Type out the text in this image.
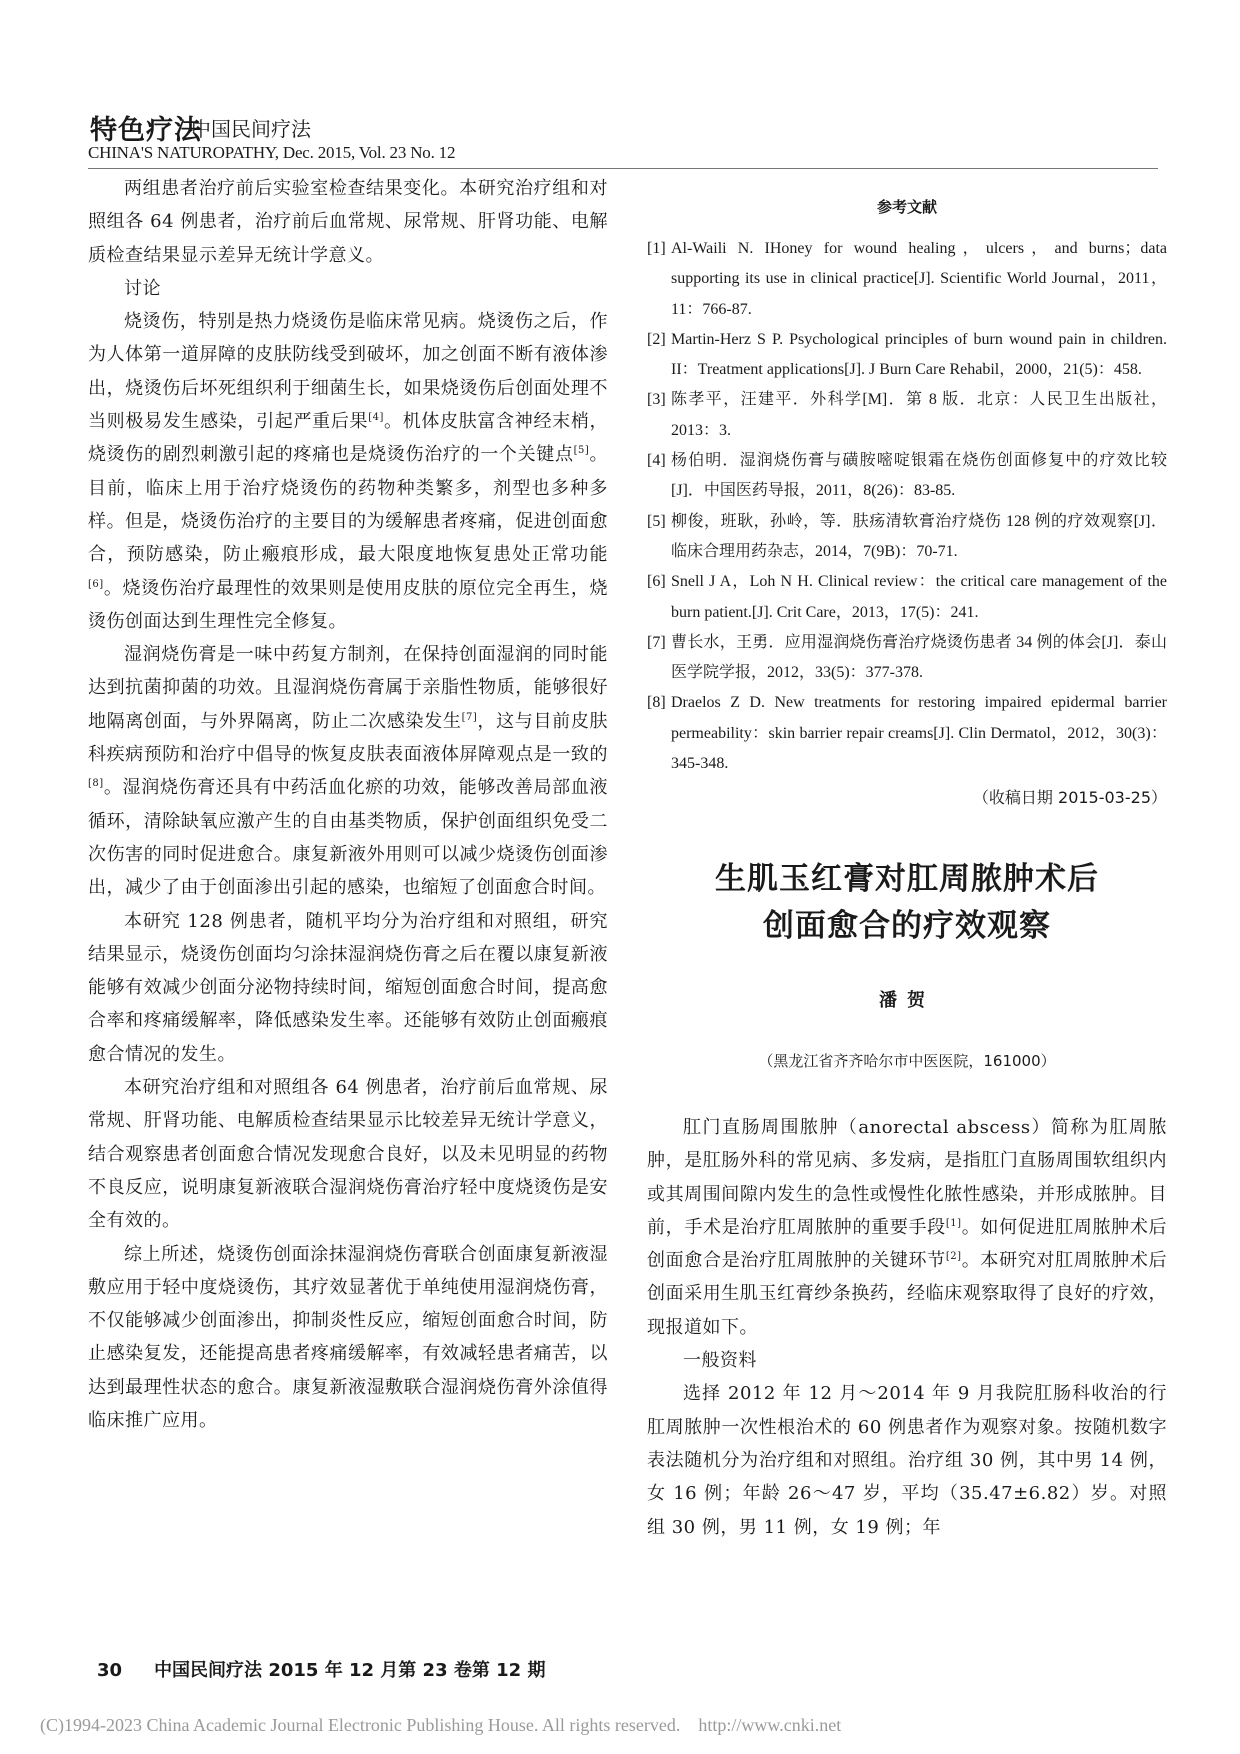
特色疗法
中国民间疗法
CHINA'S NATUROPATHY, Dec. 2015, Vol. 23 No. 12

两组患者治疗前后实验室检查结果变化。本研究治疗组和对照组各 64 例患者，治疗前后血常规、尿常规、肝肾功能、电解质检查结果显示差异无统计学意义。

讨论

烧烫伤，特别是热力烧烫伤是临床常见病。烧烫伤之后，作为人体第一道屏障的皮肤防线受到破坏，加之创面不断有液体渗出，烧烫伤后坏死组织利于细菌生长，如果烧烫伤后创面处理不当则极易发生感染，引起严重后果[4]。机体皮肤富含神经末梢，烧烫伤的剧烈刺激引起的疼痛也是烧烫伤治疗的一个关键点[5]。目前，临床上用于治疗烧烫伤的药物种类繁多，剂型也多种多样。但是，烧烫伤治疗的主要目的为缓解患者疼痛，促进创面愈合，预防感染，防止瘢痕形成，最大限度地恢复患处正常功能[6]。烧烫伤治疗最理性的效果则是使用皮肤的原位完全再生，烧烫伤创面达到生理性完全修复。

湿润烧伤膏是一味中药复方制剂，在保持创面湿润的同时能达到抗菌抑菌的功效。且湿润烧伤膏属于亲脂性物质，能够很好地隔离创面，与外界隔离，防止二次感染发生[7]，这与目前皮肤科疾病预防和治疗中倡导的恢复皮肤表面液体屏障观点是一致的[8]。湿润烧伤膏还具有中药活血化瘀的功效，能够改善局部血液循环，清除缺氧应激产生的自由基类物质，保护创面组织免受二次伤害的同时促进愈合。康复新液外用则可以减少烧烫伤创面渗出，减少了由于创面渗出引起的感染，也缩短了创面愈合时间。

本研究 128 例患者，随机平均分为治疗组和对照组，研究结果显示，烧烫伤创面均匀涂抹湿润烧伤膏之后在覆以康复新液能够有效减少创面分泌物持续时间，缩短创面愈合时间，提高愈合率和疼痛缓解率，降低感染发生率。还能够有效防止创面瘢痕愈合情况的发生。

本研究治疗组和对照组各 64 例患者，治疗前后血常规、尿常规、肝肾功能、电解质检查结果显示比较差异无统计学意义，结合观察患者创面愈合情况发现愈合良好，以及未见明显的药物不良反应，说明康复新液联合湿润烧伤膏治疗轻中度烧烫伤是安全有效的。

综上所述，烧烫伤创面涂抹湿润烧伤膏联合创面康复新液湿敷应用于轻中度烧烫伤，其疗效显著优于单纯使用湿润烧伤膏，不仅能够减少创面渗出，抑制炎性反应，缩短创面愈合时间，防止感染复发，还能提高患者疼痛缓解率，有效减轻患者痛苦，以达到最理性状态的愈合。康复新液湿敷联合湿润烧伤膏外涂值得临床推广应用。

参考文献

[1] Al-Waili N. IHoney for wound healing，ulcers，and burns；data supporting its use in clinical practice[J]. Scientific World Journal，2011，11：766-87.

[2] Martin-Herz S P. Psychological principles of burn wound pain in children. II：Treatment applications[J]. J Burn Care Rehabil，2000，21(5)：458.

[3] 陈孝平，汪建平．外科学[M]．第 8 版．北京：人民卫生出版社，2013：3.

[4] 杨伯明．湿润烧伤膏与磺胺嘧啶银霜在烧伤创面修复中的疗效比较[J]．中国医药导报，2011，8(26)：83-85.

[5] 柳俊，班耿，孙岭，等．肤疡清软膏治疗烧伤 128 例的疗效观察[J]．临床合理用药杂志，2014，7(9B)：70-71.

[6] Snell J A，Loh N H. Clinical review：the critical care management of the burn patient.[J]. Crit Care，2013，17(5)：241.

[7] 曹长水，王勇．应用湿润烧伤膏治疗烧烫伤患者 34 例的体会[J]．泰山医学院学报，2012，33(5)：377-378.

[8] Draelos Z D. New treatments for restoring impaired epidermal barrier permeability：skin barrier repair creams[J]. Clin Dermatol，2012，30(3)：345-348.

（收稿日期 2015-03-25）
生肌玉红膏对肛周脓肿术后
创面愈合的疗效观察
潘贺
（黑龙江省齐齐哈尔市中医医院，161000）

肛门直肠周围脓肿（anorectal abscess）简称为肛周脓肿，是肛肠外科的常见病、多发病，是指肛门直肠周围软组织内或其周围间隙内发生的急性或慢性化脓性感染，并形成脓肿。目前，手术是治疗肛周脓肿的重要手段[1]。如何促进肛周脓肿术后创面愈合是治疗肛周脓肿的关键环节[2]。本研究对肛周脓肿术后创面采用生肌玉红膏纱条换药，经临床观察取得了良好的疗效，现报道如下。

一般资料

选择 2012 年 12 月～2014 年 9 月我院肛肠科收治的行肛周脓肿一次性根治术的 60 例患者作为观察对象。按随机数字表法随机分为治疗组和对照组。治疗组 30 例，其中男 14 例，女 16 例；年龄 26～47 岁，平均（35.47±6.82）岁。对照组 30 例，男 11 例，女 19 例；年

30 中国民间疗法 2015 年 12 月第 23 卷第 12 期
(C)1994-2023 China Academic Journal Electronic Publishing House. All rights reserved.    http://www.cnki.net
